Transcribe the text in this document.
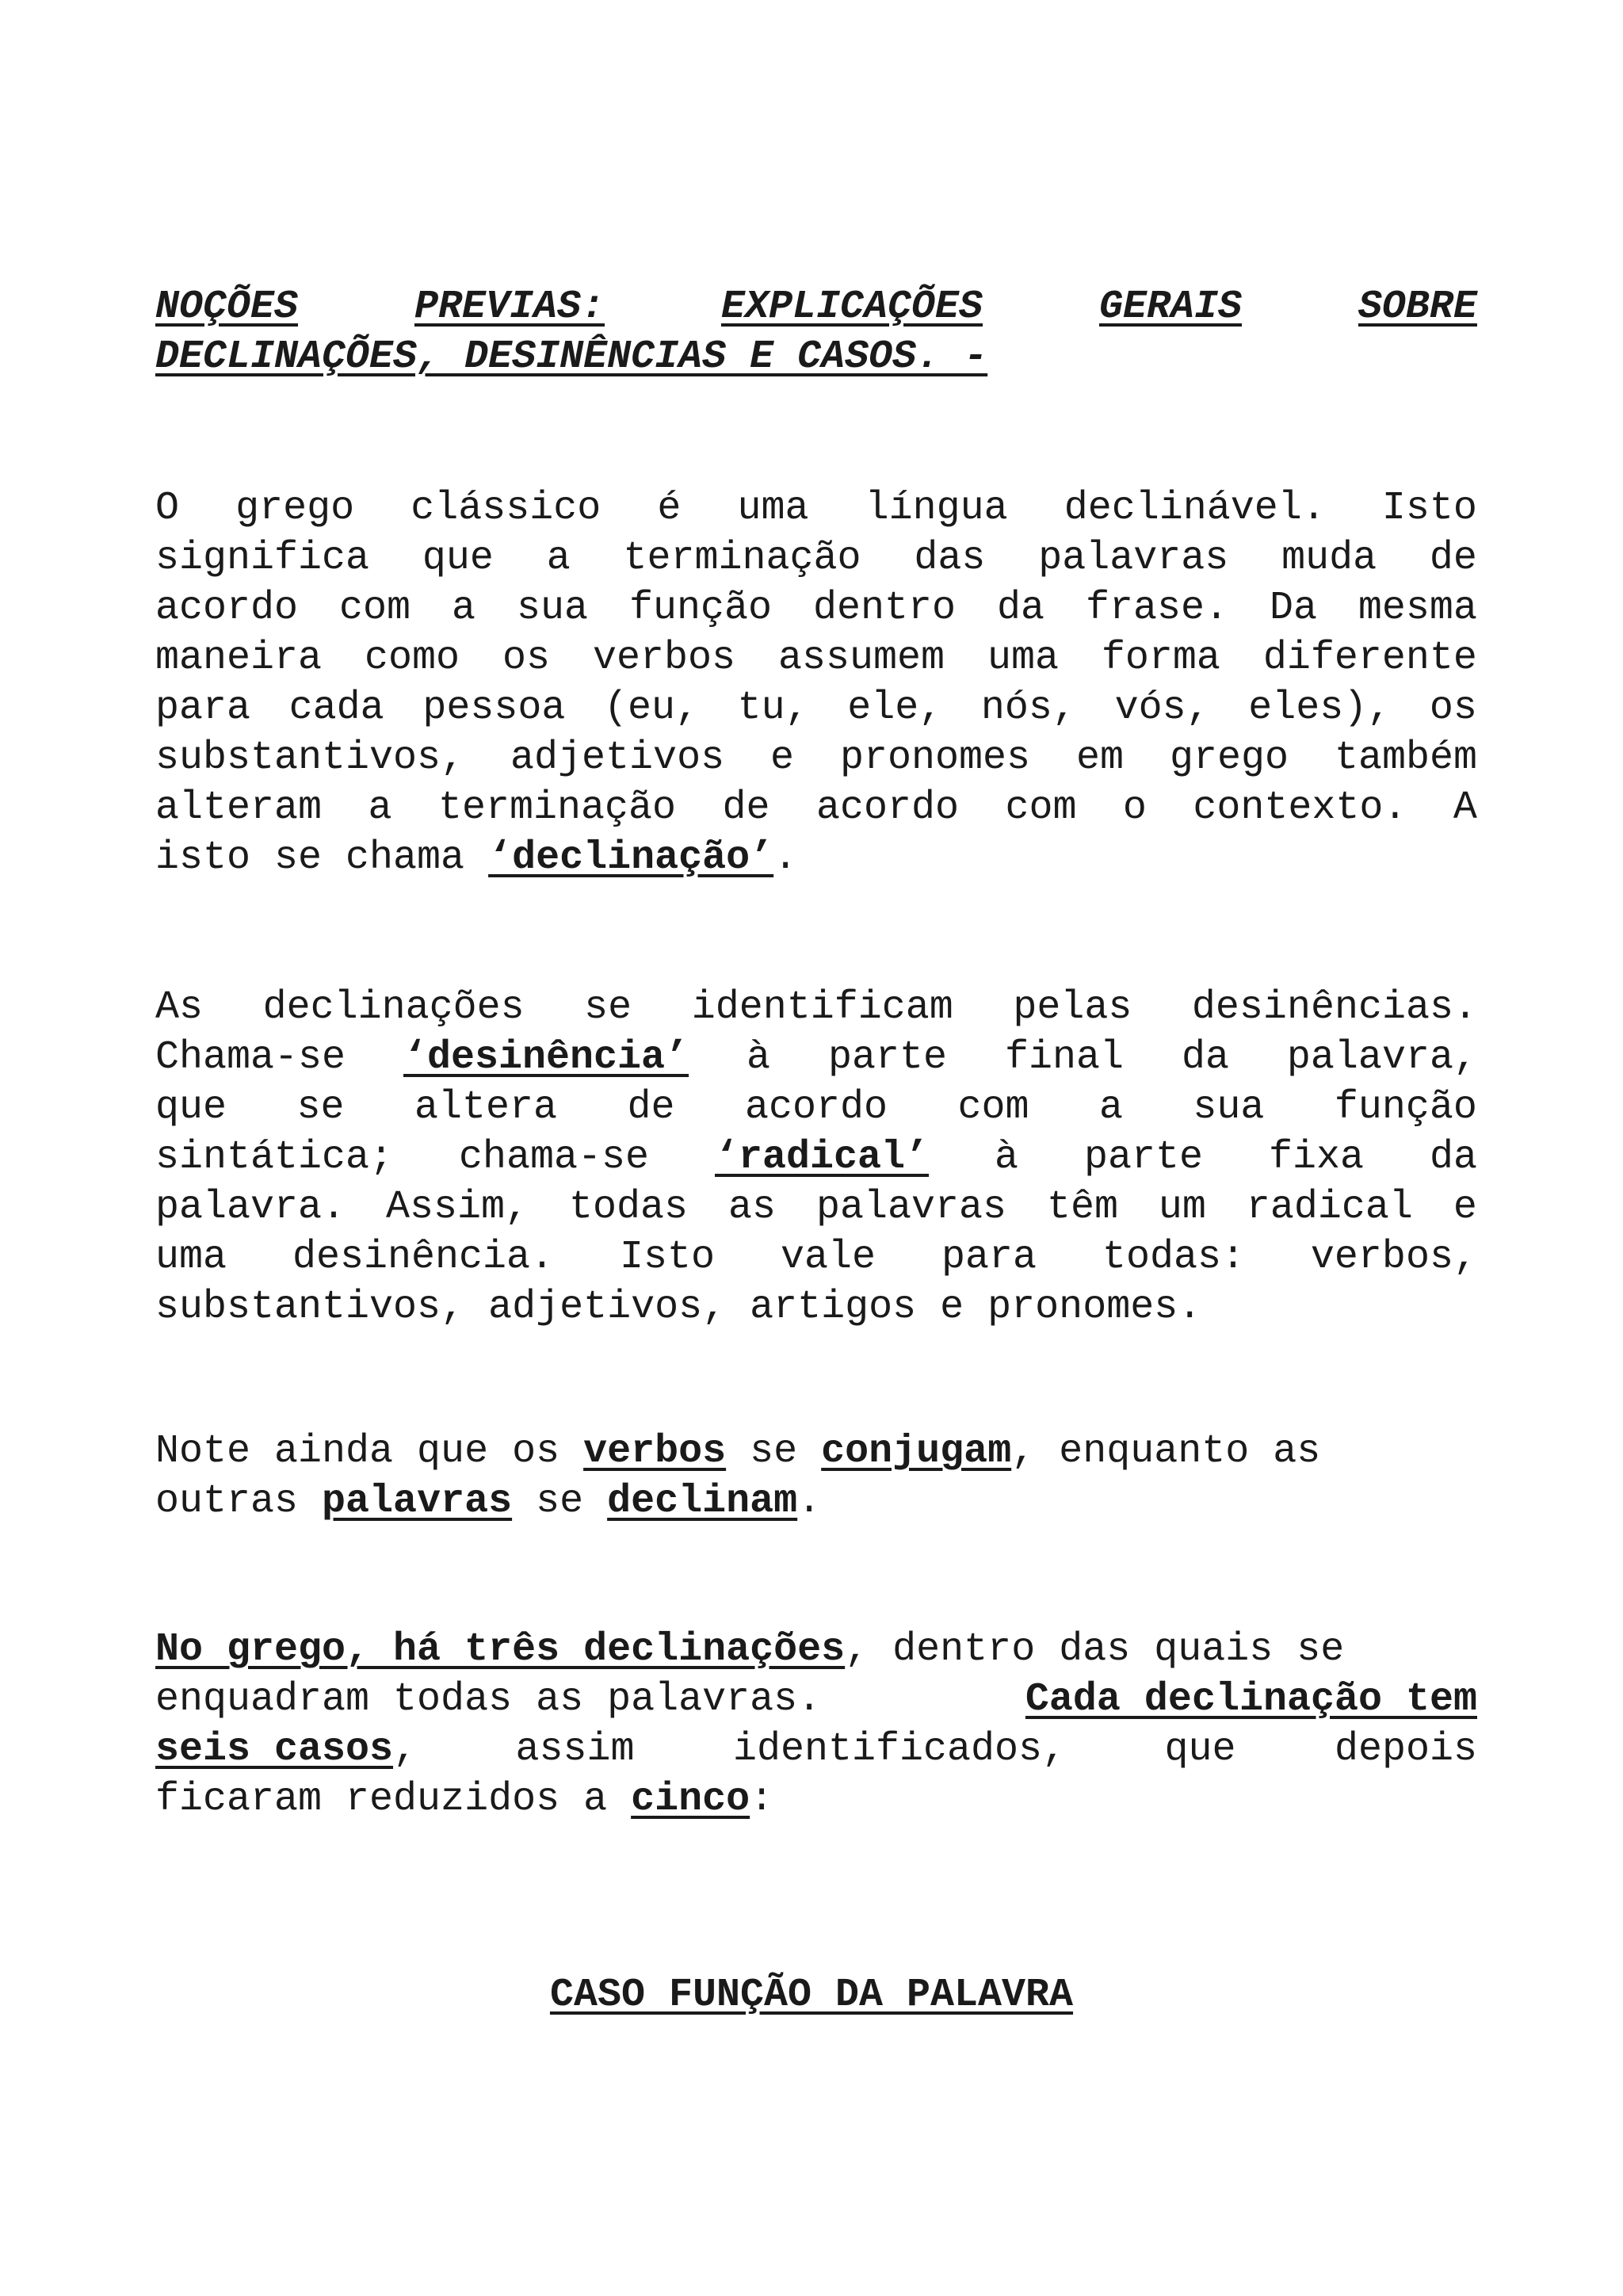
NOÇÕES	PREVIAS:	EXPLICAÇÕES	GERAIS	SOBRE
DECLINAÇÕES, DESINÊNCIAS E CASOS. -
O grego clássico é uma língua declinável. Isto
significa que a terminação das palavras muda de
acordo com a sua função dentro da frase. Da mesma
maneira como os verbos assumem uma forma diferente
para cada pessoa (eu, tu, ele, nós, vós, eles), os
substantivos, adjetivos e pronomes em grego também
alteram a terminação de acordo com o contexto. A
isto se chama ‘declinação’.
As declinações se identificam pelas desinências.
Chama-se ‘desinência’ à parte final da palavra,
que se altera de acordo com a sua função
sintática; chama-se ‘radical’ à parte fixa da
palavra. Assim, todas as palavras têm um radical e
uma desinência. Isto vale para todas: verbos,
substantivos, adjetivos, artigos e pronomes.
Note ainda que os verbos se conjugam, enquanto as
outras palavras se declinam.
No grego, há três declinações, dentro das quais se
enquadram todas as palavras.	Cada declinação tem
seis casos, assim identificados, que depois
ficaram reduzidos a cinco:
CASO FUNÇÃO DA PALAVRA
